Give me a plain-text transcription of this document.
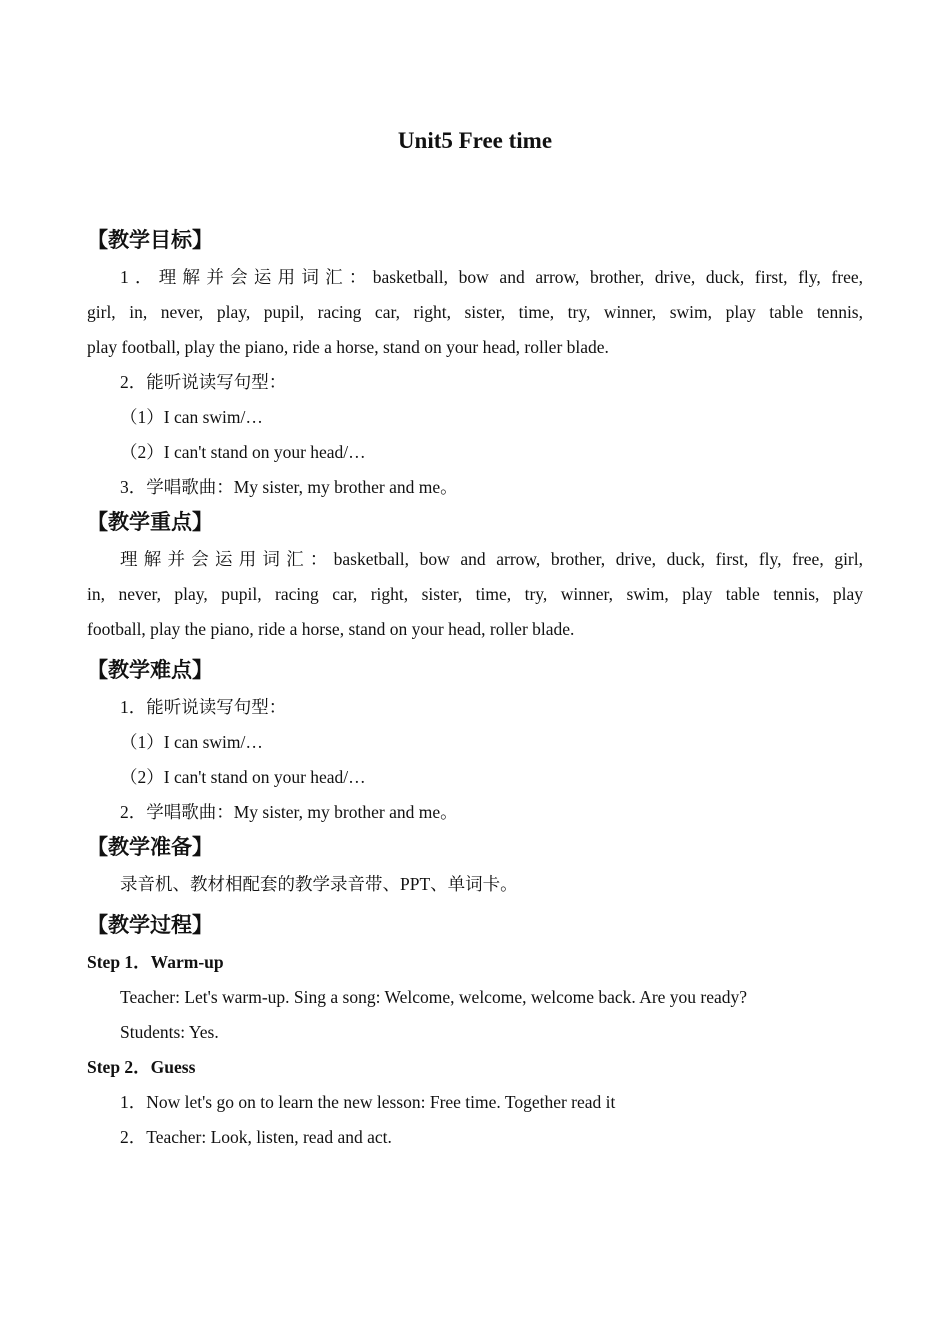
Unit5 Free time
【教学目标】
1．理解并会运用词汇：basketball, bow and arrow, brother, drive, duck, first, fly, free,
girl, in, never, play, pupil, racing car, right, sister, time, try, winner, swim, play table tennis,
play football, play the piano, ride a horse, stand on your head, roller blade.
2．能听说读写句型：
（1）I can swim/…
（2）I can't stand on your head/…
3．学唱歌曲：My sister, my brother and me。
【教学重点】
理解并会运用词汇：basketball, bow and arrow, brother, drive, duck, first, fly, free, girl,
in, never, play, pupil, racing car, right, sister, time, try, winner, swim, play table tennis, play
football, play the piano, ride a horse, stand on your head, roller blade.
【教学难点】
1．能听说读写句型：
（1）I can swim/…
（2）I can't stand on your head/…
2．学唱歌曲：My sister, my brother and me。
【教学准备】
录音机、教材相配套的教学录音带、PPT、单词卡。
【教学过程】
Step 1．Warm-up
Teacher: Let's warm-up. Sing a song: Welcome, welcome, welcome back. Are you ready?
Students: Yes.
Step 2．Guess
1．Now let's go on to learn the new lesson: Free time. Together read it
2．Teacher: Look, listen, read and act.
